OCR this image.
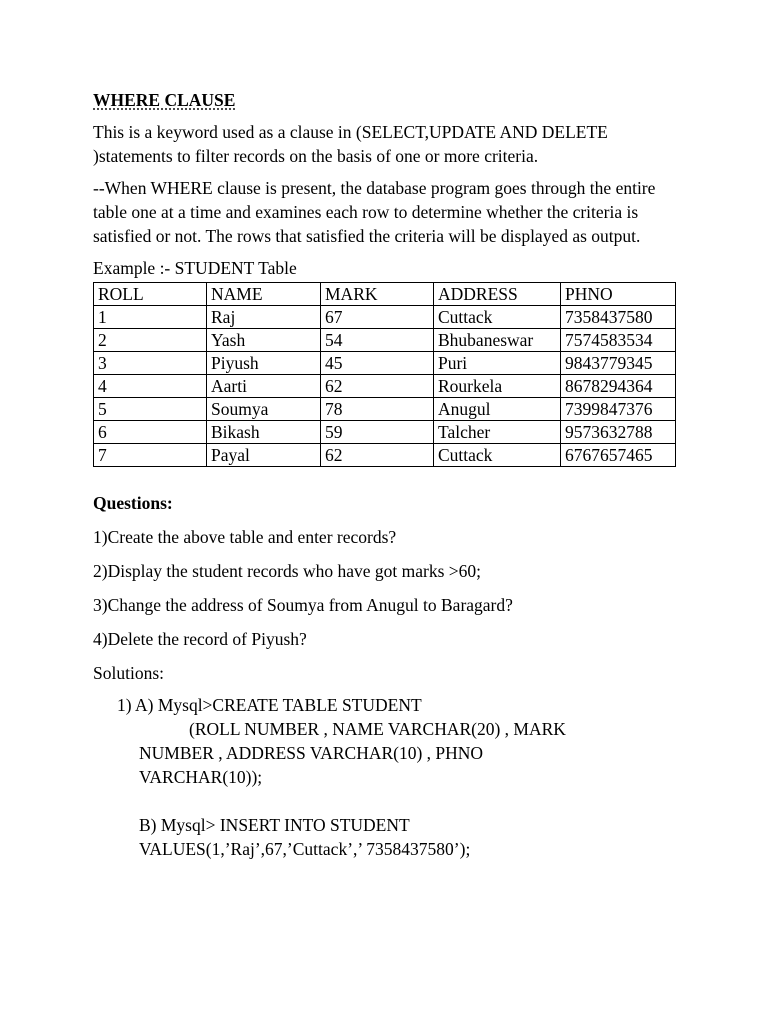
WHERE CLAUSE

This is a keyword used as a clause in (SELECT,UPDATE AND DELETE )statements to filter records on the basis of one or more criteria.

--When WHERE clause is present, the database program goes through the entire table one at a time and examines each row to determine whether the criteria is satisfied or not. The rows that satisfied the criteria will be displayed as output.

Example :- STUDENT Table

ROLL	NAME	MARK	ADDRESS	PHNO
1	Raj	67	Cuttack	7358437580
2	Yash	54	Bhubaneswar	7574583534
3	Piyush	45	Puri	9843779345
4	Aarti	62	Rourkela	8678294364
5	Soumya	78	Anugul	7399847376
6	Bikash	59	Talcher	9573632788
7	Payal	62	Cuttack	6767657465

Questions:

1)Create the above table and enter records?

2)Display the student records who have got marks >60;

3)Change the address of Soumya from Anugul to Baragard?

4)Delete the record of Piyush?

Solutions:

1) A) Mysql>CREATE TABLE STUDENT
(ROLL NUMBER , NAME VARCHAR(20) , MARK
NUMBER , ADDRESS VARCHAR(10) , PHNO
VARCHAR(10));
B) Mysql> INSERT INTO STUDENT
VALUES(1,’Raj’,67,’Cuttack’,’ 7358437580’);
